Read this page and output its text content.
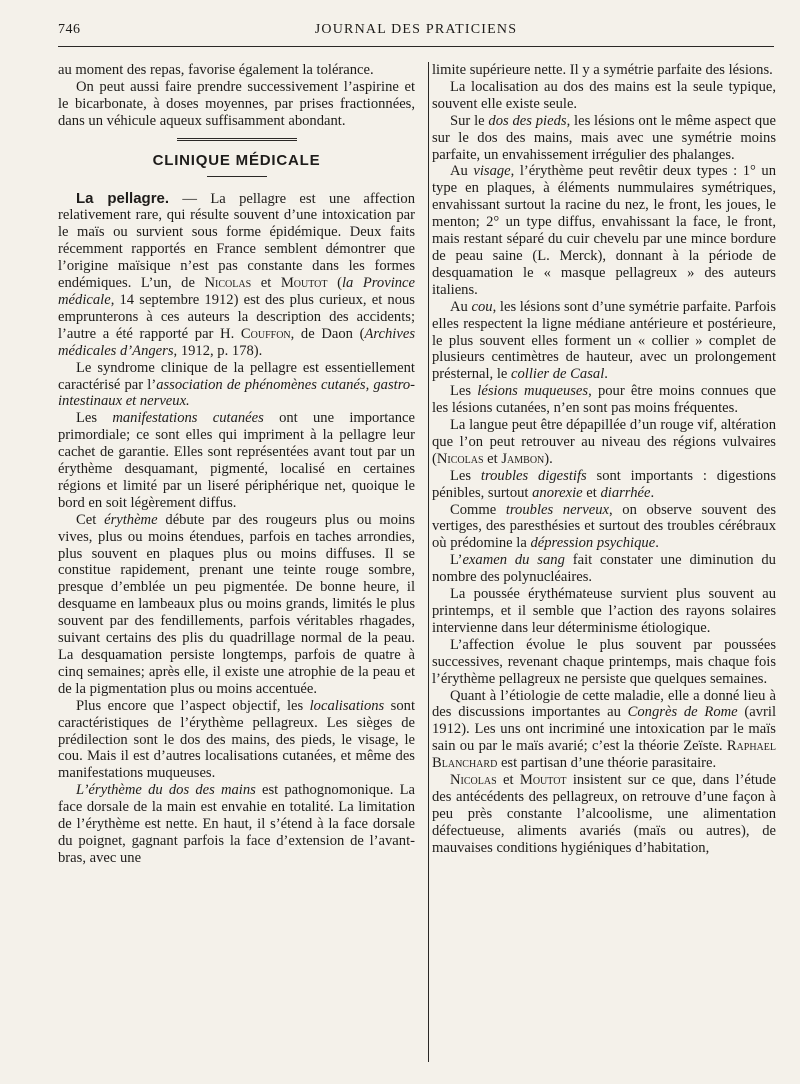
746	JOURNAL DES PRATICIENS

au moment des repas, favorise également la tolérance.

On peut aussi faire prendre successivement l’aspirine et le bicarbonate, à doses moyennes, par prises fractionnées, dans un véhicule aqueux suffisamment abondant.

CLINIQUE MÉDICALE

La pellagre. — La pellagre est une affection relativement rare, qui résulte souvent d’une intoxication par le maïs ou survient sous forme épidémique. Deux faits récemment rapportés en France semblent démontrer que l’origine maïsique n’est pas constante dans les formes endémiques. L’un, de Nicolas et Moutot (la Province médicale, 14 septembre 1912) est des plus curieux, et nous emprunterons à ces auteurs la description des accidents; l’autre a été rapporté par H. Couffon, de Daon (Archives médicales d’Angers, 1912, p. 178).

Le syndrome clinique de la pellagre est essentiellement caractérisé par l’association de phénomènes cutanés, gastro-intestinaux et nerveux.

Les manifestations cutanées ont une importance primordiale; ce sont elles qui impriment à la pellagre leur cachet de garantie. Elles sont représentées avant tout par un érythème desquamant, pigmenté, localisé en certaines régions et limité par un liseré périphérique net, quoique le bord en soit légèrement diffus.

Cet érythème débute par des rougeurs plus ou moins vives, plus ou moins étendues, parfois en taches arrondies, plus souvent en plaques plus ou moins diffuses. Il se constitue rapidement, prenant une teinte rouge sombre, presque d’emblée un peu pigmentée. De bonne heure, il desquame en lambeaux plus ou moins grands, limités le plus souvent par des fendillements, parfois véritables rhagades, suivant certains des plis du quadrillage normal de la peau. La desquamation persiste longtemps, parfois de quatre à cinq semaines; après elle, il existe une atrophie de la peau et de la pigmentation plus ou moins accentuée.

Plus encore que l’aspect objectif, les localisations sont caractéristiques de l’érythème pellagreux. Les sièges de prédilection sont le dos des mains, des pieds, le visage, le cou. Mais il est d’autres localisations cutanées, et même des manifestations muqueuses.

L’érythème du dos des mains est pathognomonique. La face dorsale de la main est envahie en totalité. La limitation de l’érythème est nette. En haut, il s’étend à la face dorsale du poignet, gagnant parfois la face d’extension de l’avant-bras, avec une

limite supérieure nette. Il y a symétrie parfaite des lésions.

La localisation au dos des mains est la seule typique, souvent elle existe seule.

Sur le dos des pieds, les lésions ont le même aspect que sur le dos des mains, mais avec une symétrie moins parfaite, un envahissement irrégulier des phalanges.

Au visage, l’érythème peut revêtir deux types : 1° un type en plaques, à éléments nummulaires symétriques, envahissant surtout la racine du nez, le front, les joues, le menton; 2° un type diffus, envahissant la face, le front, mais restant séparé du cuir chevelu par une mince bordure de peau saine (L. Merck), donnant à la période de desquamation le « masque pellagreux » des auteurs italiens.

Au cou, les lésions sont d’une symétrie parfaite. Parfois elles respectent la ligne médiane antérieure et postérieure, le plus souvent elles forment un « collier » complet de plusieurs centimètres de hauteur, avec un prolongement présternal, le collier de Casal.

Les lésions muqueuses, pour être moins connues que les lésions cutanées, n’en sont pas moins fréquentes.

La langue peut être dépapillée d’un rouge vif, altération que l’on peut retrouver au niveau des régions vulvaires (Nicolas et Jambon).

Les troubles digestifs sont importants : digestions pénibles, surtout anorexie et diarrhée.

Comme troubles nerveux, on observe souvent des vertiges, des paresthésies et surtout des troubles cérébraux où prédomine la dépression psychique.

L’examen du sang fait constater une diminution du nombre des polynucléaires.

La poussée érythémateuse survient plus souvent au printemps, et il semble que l’action des rayons solaires intervienne dans leur déterminisme étiologique.

L’affection évolue le plus souvent par poussées successives, revenant chaque printemps, mais chaque fois l’érythème pellagreux ne persiste que quelques semaines.

Quant à l’étiologie de cette maladie, elle a donné lieu à des discussions importantes au Congrès de Rome (avril 1912). Les uns ont incriminé une intoxication par le maïs sain ou par le maïs avarié; c’est la théorie Zeïste. Raphael Blanchard est partisan d’une théorie parasitaire.

Nicolas et Moutot insistent sur ce que, dans l’étude des antécédents des pellagreux, on retrouve d’une façon à peu près constante l’alcoolisme, une alimentation défectueuse, aliments avariés (maïs ou autres), de mauvaises conditions hygiéniques d’habitation,
